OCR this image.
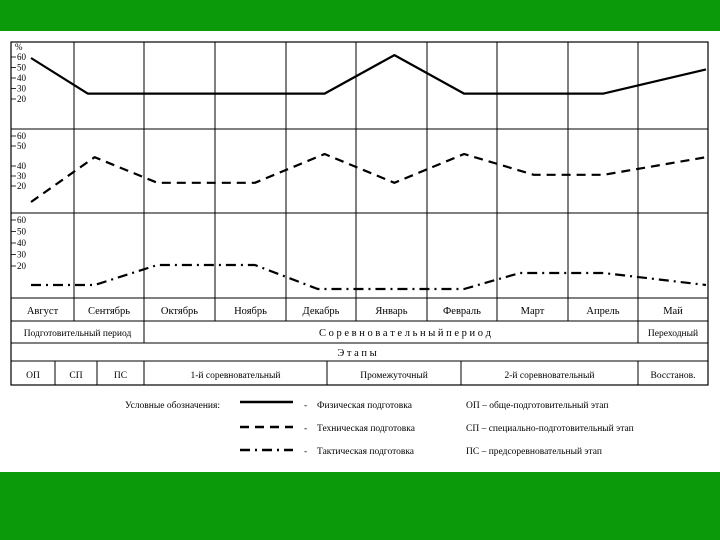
%
60
50
40
30
20
60
50
40
30
20
60
50
40
30
20
Август	Сентябрь	Октябрь	Ноябрь	Декабрь	Январь	Февраль	Март	Апрель	Май
Подготовительный период	С о р е в н о в а т е л ь н ы й п е р и о д	Переходный
Э т а п ы
ОП	СП	ПС	1-й соревновательный	Промежуточный	2-й соревновательный	Восстанов.
Условные обозначения:	- Физическая подготовка	ОП – обще-подготовительный этап
- Техническая подготовка	СП – специально-подготовительный этап
- Тактическая подготовка	ПС – предсоревновательный этап
